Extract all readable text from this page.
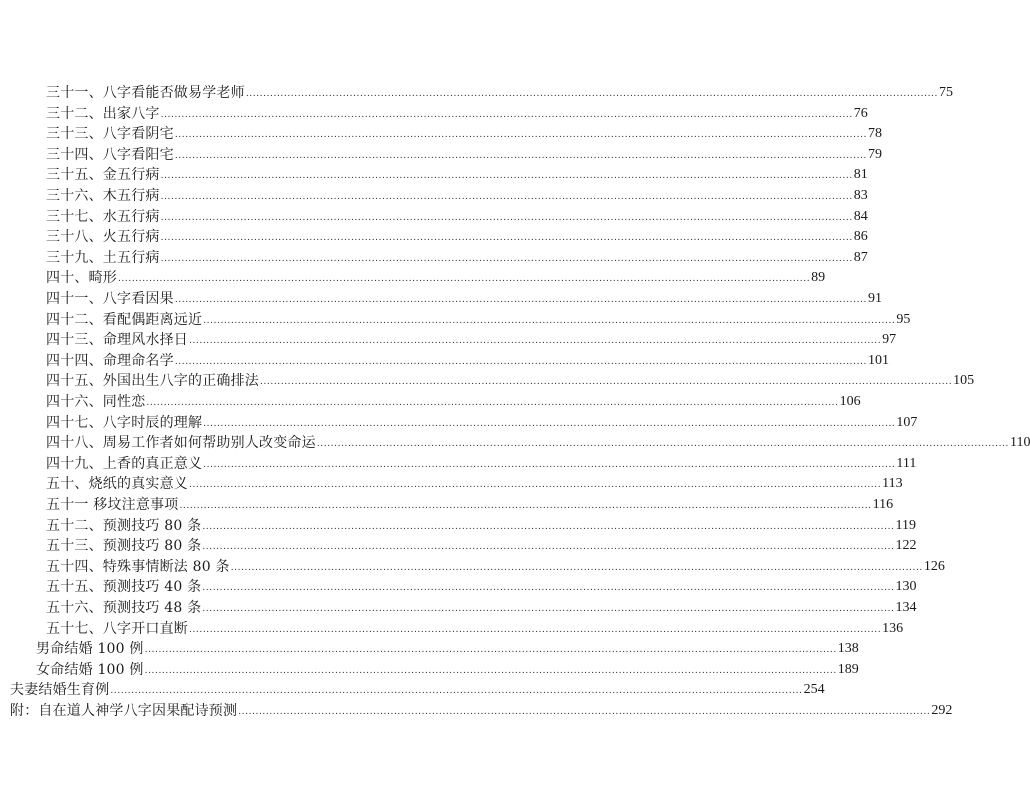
三十一、八字看能否做易学老师 ........................................................................................................................................................................................................ 75
三十二、出家八字 ........................................................................................................................................................................................................ 76
三十三、八字看阴宅 ........................................................................................................................................................................................................ 78
三十四、八字看阳宅 ........................................................................................................................................................................................................ 79
三十五、金五行病 ........................................................................................................................................................................................................ 81
三十六、木五行病 ........................................................................................................................................................................................................ 83
三十七、水五行病 ........................................................................................................................................................................................................ 84
三十八、火五行病 ........................................................................................................................................................................................................ 86
三十九、土五行病 ........................................................................................................................................................................................................ 87
四十、畸形 ........................................................................................................................................................................................................ 89
四十一、八字看因果 ........................................................................................................................................................................................................ 91
四十二、看配偶距离远近 ........................................................................................................................................................................................................ 95
四十三、命理风水择日 ........................................................................................................................................................................................................ 97
四十四、命理命名学 ........................................................................................................................................................................................................ 101
四十五、外国出生八字的正确排法 ........................................................................................................................................................................................................ 105
四十六、同性恋 ........................................................................................................................................................................................................ 106
四十七、八字时辰的理解 ........................................................................................................................................................................................................ 107
四十八、周易工作者如何帮助别人改变命运 ........................................................................................................................................................................................................ 110
四十九、上香的真正意义 ........................................................................................................................................................................................................ 111
五十、烧纸的真实意义 ........................................................................................................................................................................................................ 113
五十一 移坟注意事项 ........................................................................................................................................................................................................ 116
五十二、预测技巧 80 条 ........................................................................................................................................................................................................ 119
五十三、预测技巧 80 条 ........................................................................................................................................................................................................ 122
五十四、特殊事情断法 80 条 ........................................................................................................................................................................................................ 126
五十五、预测技巧 40 条 ........................................................................................................................................................................................................ 130
五十六、预测技巧 48 条 ........................................................................................................................................................................................................ 134
五十七、八字开口直断 ........................................................................................................................................................................................................ 136
男命结婚 100 例 ........................................................................................................................................................................................................ 138
女命结婚 100 例 ........................................................................................................................................................................................................ 189
夫妻结婚生育例 ........................................................................................................................................................................................................ 254
附：自在道人神学八字因果配诗预测 ........................................................................................................................................................................................................ 292
